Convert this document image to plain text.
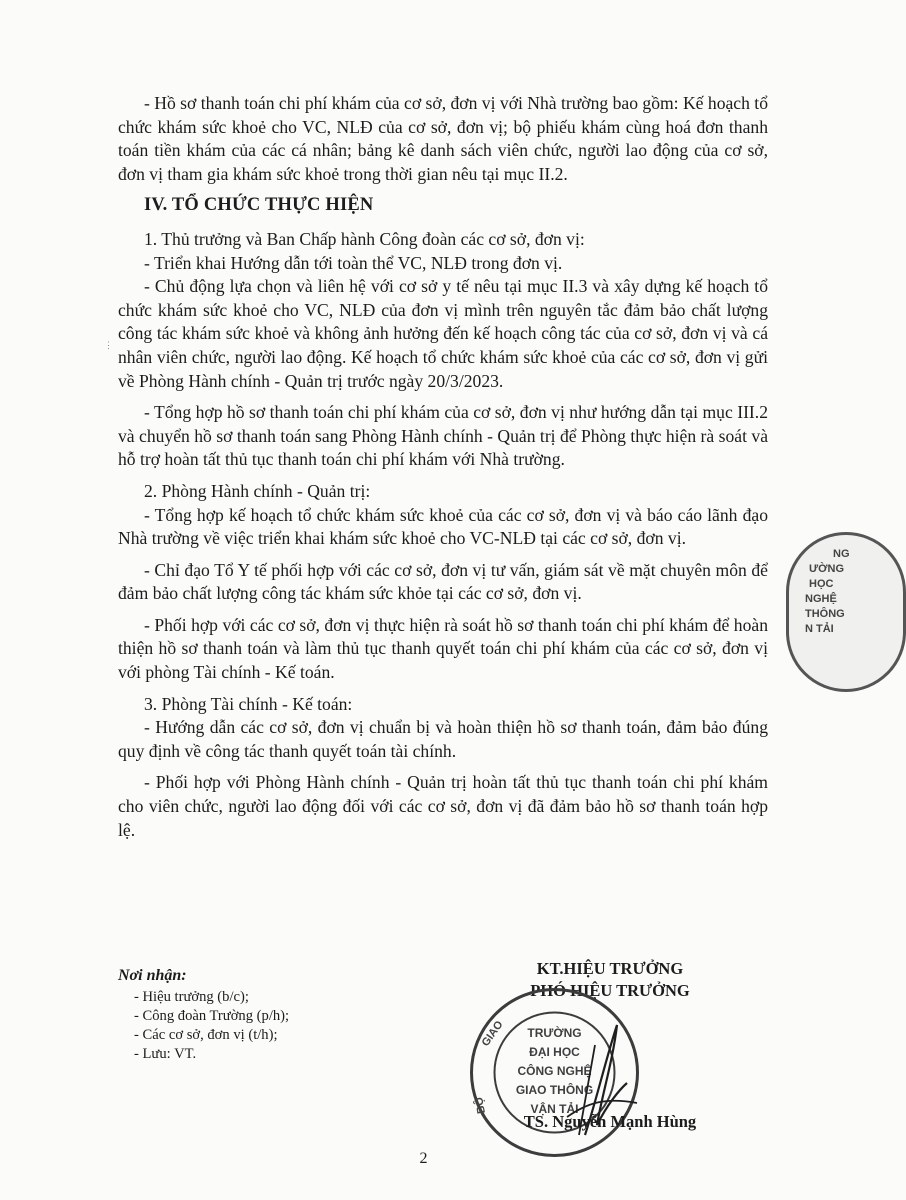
- Hồ sơ thanh toán chi phí khám của cơ sở, đơn vị với Nhà trường bao gồm: Kế hoạch tổ chức khám sức khoẻ cho VC, NLĐ của cơ sở, đơn vị; bộ phiếu khám cùng hoá đơn thanh toán tiền khám của các cá nhân; bảng kê danh sách viên chức, người lao động của cơ sở, đơn vị tham gia khám sức khoẻ trong thời gian nêu tại mục II.2.

IV. TỔ CHỨC THỰC HIỆN

1. Thủ trưởng và Ban Chấp hành Công đoàn các cơ sở, đơn vị:

- Triển khai Hướng dẫn tới toàn thể VC, NLĐ trong đơn vị.

- Chủ động lựa chọn và liên hệ với cơ sở y tế nêu tại mục II.3 và xây dựng kế hoạch tổ chức khám sức khoẻ cho VC, NLĐ của đơn vị mình trên nguyên tắc đảm bảo chất lượng công tác khám sức khoẻ và không ảnh hưởng đến kế hoạch công tác của cơ sở, đơn vị và cá nhân viên chức, người lao động. Kế hoạch tổ chức khám sức khoẻ của các cơ sở, đơn vị gửi về Phòng Hành chính - Quản trị trước ngày 20/3/2023.

- Tổng hợp hồ sơ thanh toán chi phí khám của cơ sở, đơn vị như hướng dẫn tại mục III.2 và chuyển hồ sơ thanh toán sang Phòng Hành chính - Quản trị để Phòng thực hiện rà soát và hỗ trợ hoàn tất thủ tục thanh toán chi phí khám với Nhà trường.

2. Phòng Hành chính - Quản trị:

- Tổng hợp kế hoạch tổ chức khám sức khoẻ của các cơ sở, đơn vị và báo cáo lãnh đạo Nhà trường về việc triển khai khám sức khoẻ cho VC-NLĐ tại các cơ sở, đơn vị.

- Chỉ đạo Tổ Y tế phối hợp với các cơ sở, đơn vị tư vấn, giám sát về mặt chuyên môn để đảm bảo chất lượng công tác khám sức khỏe tại các cơ sở, đơn vị.

- Phối hợp với các cơ sở, đơn vị thực hiện rà soát hồ sơ thanh toán chi phí khám để hoàn thiện hồ sơ thanh toán và làm thủ tục thanh quyết toán chi phí khám của các cơ sở, đơn vị với phòng Tài chính - Kế toán.

3. Phòng Tài chính - Kế toán:

- Hướng dẫn các cơ sở, đơn vị chuẩn bị và hoàn thiện hồ sơ thanh toán, đảm bảo đúng quy định về công tác thanh quyết toán tài chính.

- Phối hợp với Phòng Hành chính - Quản trị hoàn tất thủ tục thanh toán chi phí khám cho viên chức, người lao động đối với các cơ sở, đơn vị đã đảm bảo hồ sơ thanh toán hợp lệ.

⋮
NG
ƯỜNG
HỌC
NGHỆ
THÔNG
N TẢI
Nơi nhận:
- Hiệu trưởng (b/c);
- Công đoàn Trường (p/h);
- Các cơ sở, đơn vị (t/h);
- Lưu: VT.
KT.HIỆU TRƯỞNG
PHÓ HIỆU TRƯỞNG
GIAO
BỘ
TRƯỜNG
ĐẠI HỌC
CÔNG NGHỆ
GIAO THÔNG
VẬN TẢI
TS. Nguyễn Mạnh Hùng
2
